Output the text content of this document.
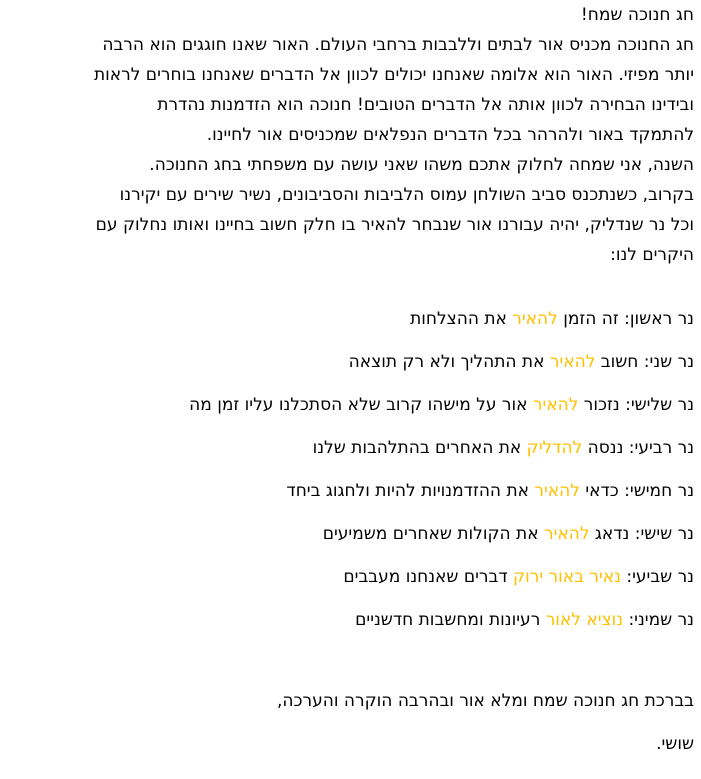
חג חנוכה שמח!
חג החנוכה מכניס אור לבתים וללבבות ברחבי העולם. האור שאנו חוגגים הוא הרבה
יותר מפיזי. האור הוא אלומה שאנחנו יכולים לכוון אל הדברים שאנחנו בוחרים לראות
ובידינו הבחירה לכוון אותה אל הדברים הטובים! חנוכה הוא הזדמנות נהדרת
להתמקד באור ולהרהר בכל הדברים הנפלאים שמכניסים אור לחיינו.
השנה, אני שמחה לחלוק אתכם משהו שאני עושה עם משפחתי בחג החנוכה.
בקרוב, כשנתכנס סביב השולחן עמוס הלביבות והסביבונים, נשיר שירים עם יקירנו
וכל נר שנדליק, יהיה עבורנו אור שנבחר להאיר בו חלק חשוב בחיינו ואותו נחלוק עם
היקרים לנו:
נר ראשון: זה הזמן להאיר את ההצלחות
נר שני: חשוב להאיר את התהליך ולא רק תוצאה
נר שלישי: נזכור להאיר אור על מישהו קרוב שלא הסתכלנו עליו זמן מה
נר רביעי: ננסה להדליק את האחרים בהתלהבות שלנו
נר חמישי: כדאי להאיר את ההזדמנויות להיות ולחגוג ביחד
נר שישי: נדאג להאיר את הקולות שאחרים משמיעים
נר שביעי: נאיר באור ירוק דברים שאנחנו מעבבים
נר שמיני: נוציא לאור רעיונות ומחשבות חדשניים
בברכת חג חנוכה שמח ומלא אור ובהרבה הוקרה והערכה,
שושי.
